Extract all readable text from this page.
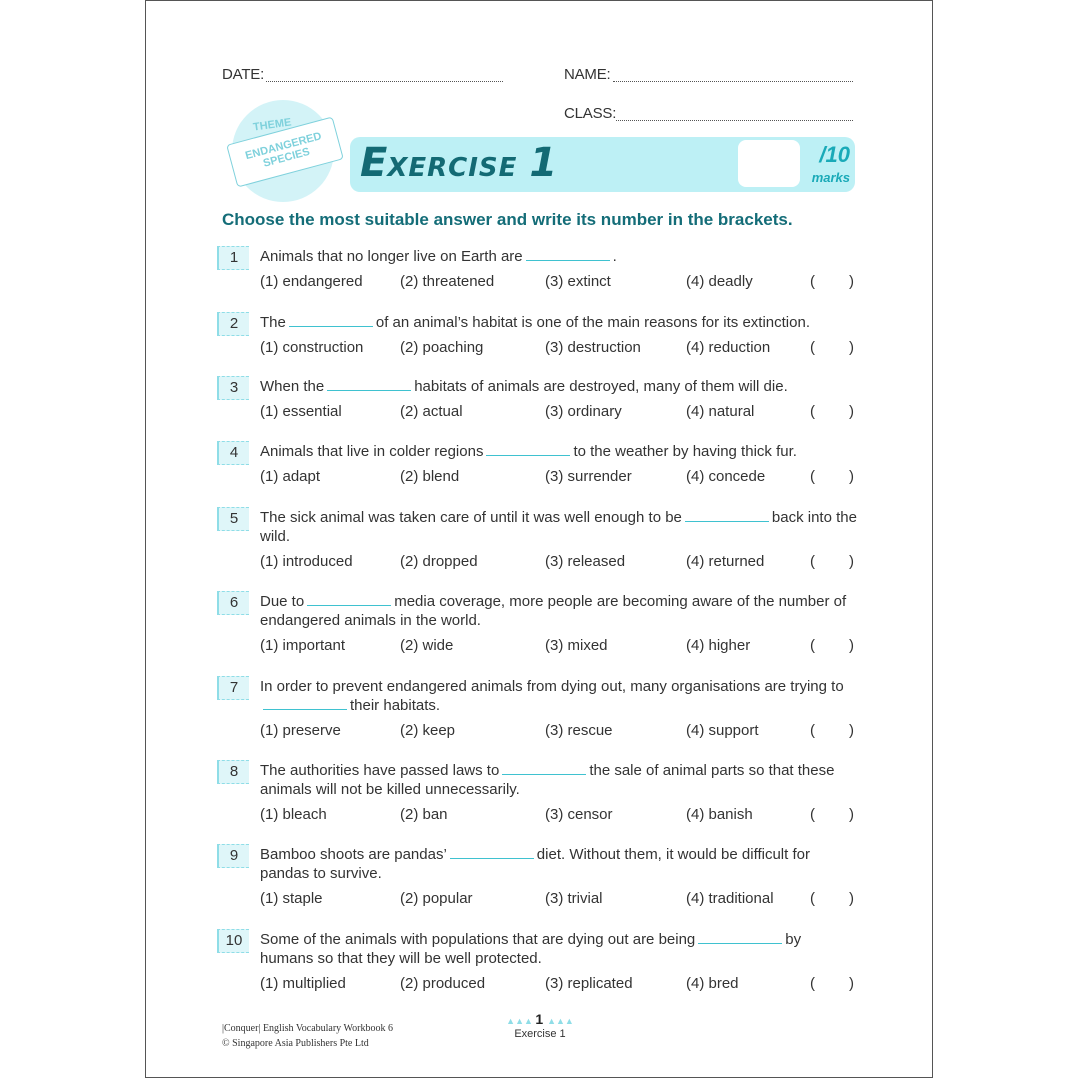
DATE:	NAME:
CLASS:
THEME
ENDANGERED
SPECIES	E XERCISE 1	/10
marks
Choose the most suitable answer and write its number in the brackets.
1	Animals that no longer live on Earth are	.
(1) endangered (2) threatened	(3) extinct	(4) deadly	( )
2	The	of an animal’s habitat is one of the main reasons for its extinction.
(1) construction (2) poaching	(3) destruction	(4) reduction	( )
3	When the	habitats of animals are destroyed, many of them will die.
(1) essential	(2) actual	(3) ordinary	(4) natural	( )
4	Animals that live in colder regions	to the weather by having thick fur.
(1) adapt	(2) blend	(3) surrender	(4) concede	( )
5	The sick animal was taken care of until it was well enough to be	back into the wild.
(1) introduced	(2) dropped	(3) released	(4) returned	( )
6	Due to	media coverage, more people are becoming aware of the number of endangered animals in the world.
(1) important	(2) wide	(3) mixed	(4) higher	( )
7	In order to prevent endangered animals from dying out, many organisations are trying totheir habitats.
(1) preserve	(2) keep	(3) rescue	(4) support	( )
8	The authorities have passed laws to	the sale of animal parts so that these animals will not be killed unnecessarily.
(1) bleach	(2) ban	(3) censor	(4) banish	( )
9	Bamboo shoots are pandas’	diet. Without them, it would be difficult for pandas to survive.
(1) staple	(2) popular	(3) trivial	(4) traditional ( )
10	Some of the animals with populations that are dying out are being	by humans so that they will be well protected.
(1) multiplied	(2) produced	(3) replicated	(4) bred	( )
|Conquer| English Vocabulary Workbook 6
© Singapore Asia Publishers Pte Ltd
▲▲▲ 1 ▲▲▲
Exercise 1
